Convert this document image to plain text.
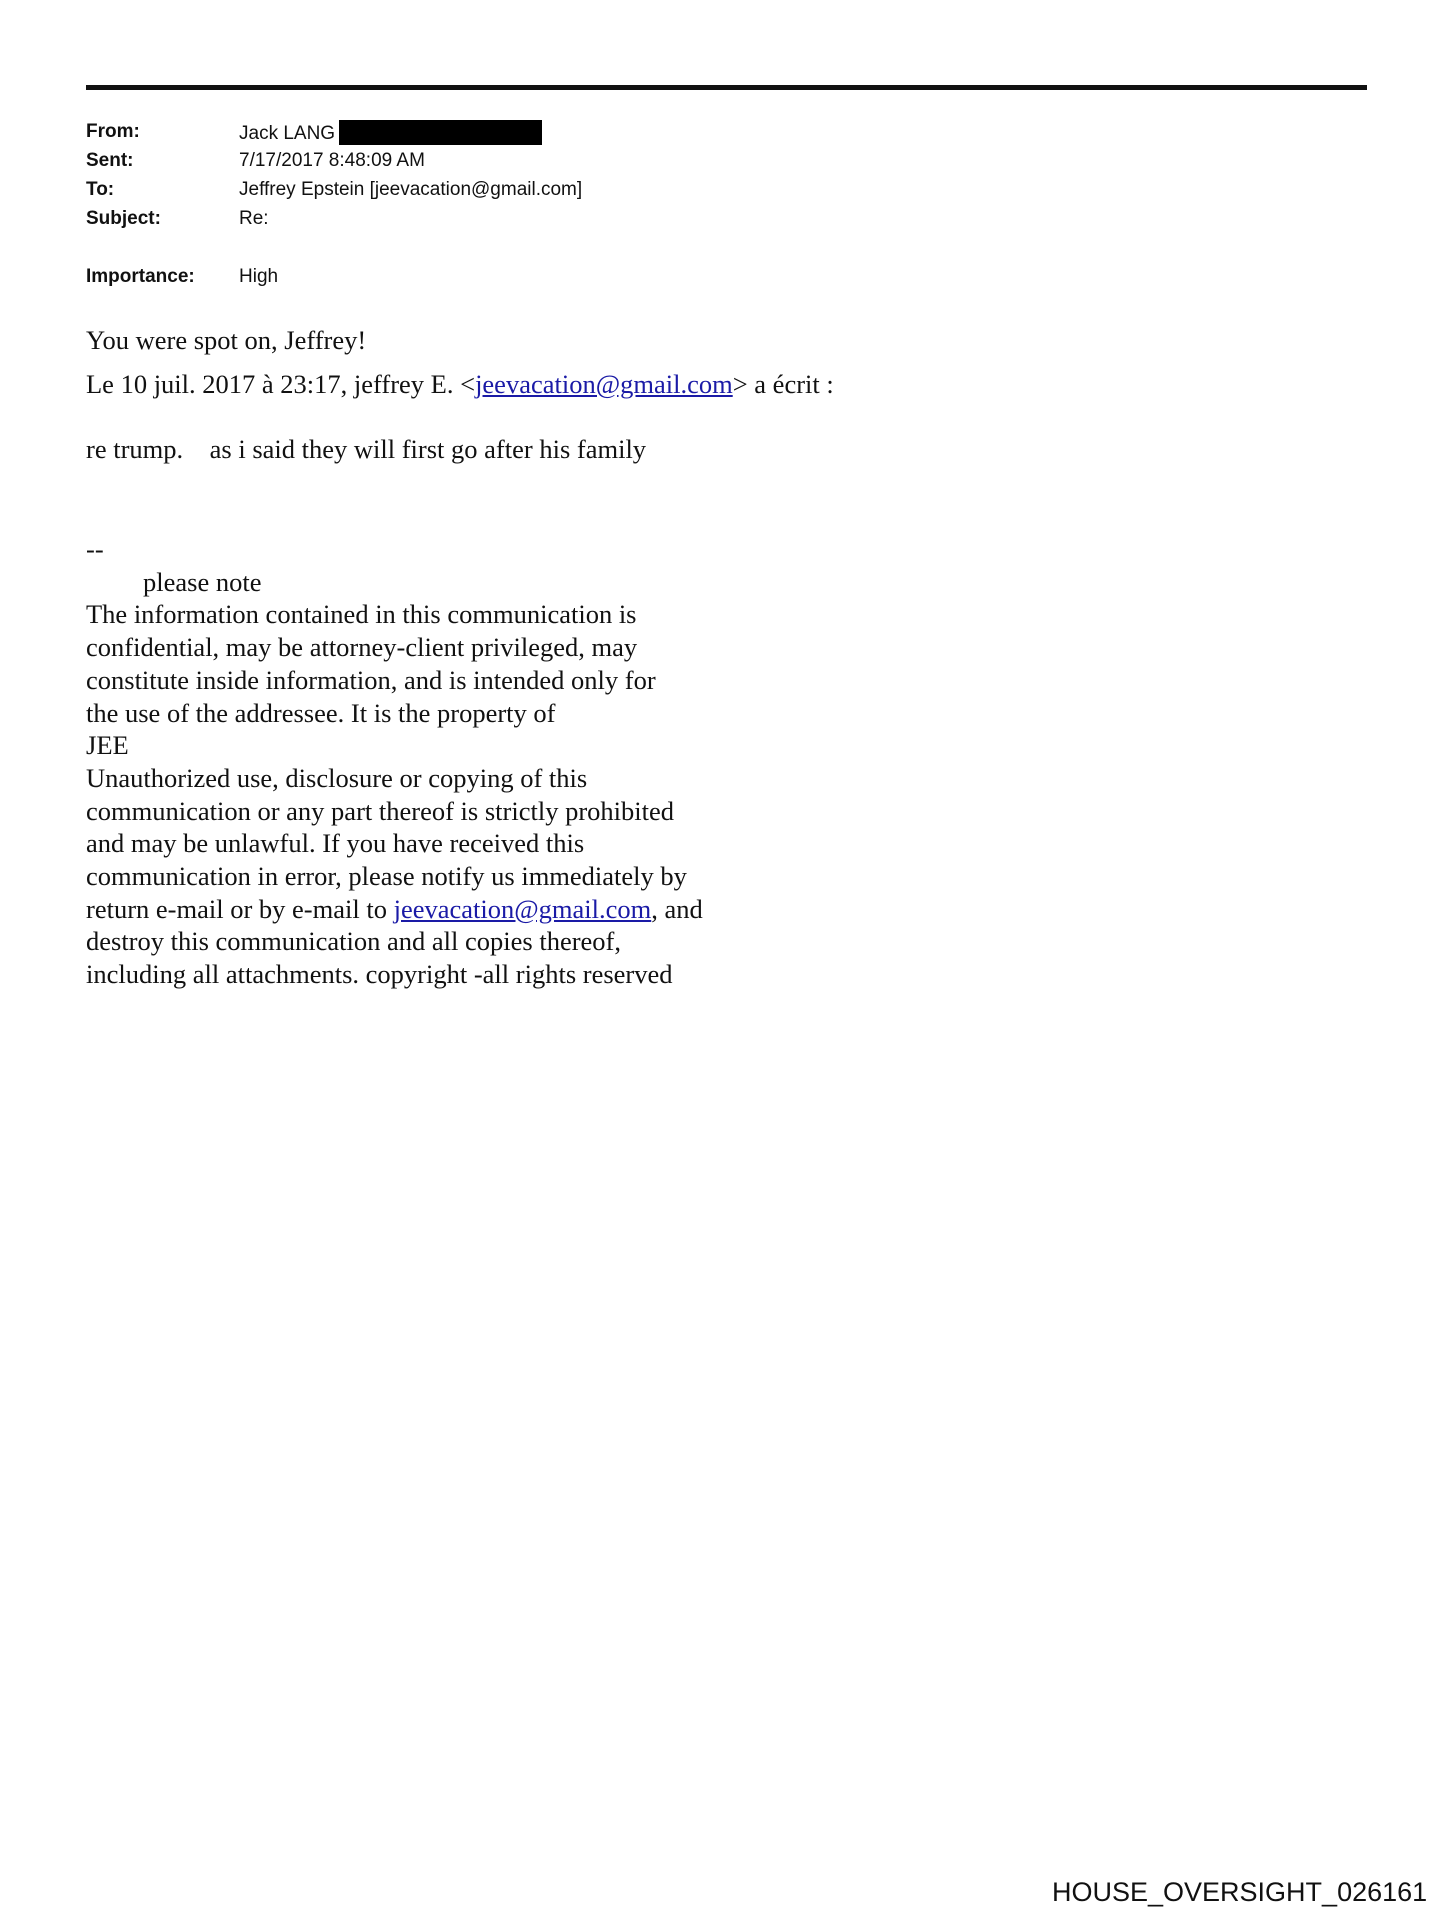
From:	Jack LANG
Sent:	7/17/2017 8:48:09 AM
To:	Jeffrey Epstein [jeevacation@gmail.com]
Subject:	Re:
Importance: High
You were spot on, Jeffrey!
Le 10 juil. 2017 à 23:17, jeffrey E. <jeevacation@gmail.com> a écrit :
re trump.    as i said they will first go after his family
--
please note
The information contained in this communication is
confidential, may be attorney-client privileged, may
constitute inside information, and is intended only for
the use of the addressee. It is the property of
JEE
Unauthorized use, disclosure or copying of this
communication or any part thereof is strictly prohibited
and may be unlawful. If you have received this
communication in error, please notify us immediately by
return e-mail or by e-mail to jeevacation@gmail.com, and
destroy this communication and all copies thereof,
including all attachments. copyright -all rights reserved
HOUSE_OVERSIGHT_026161
